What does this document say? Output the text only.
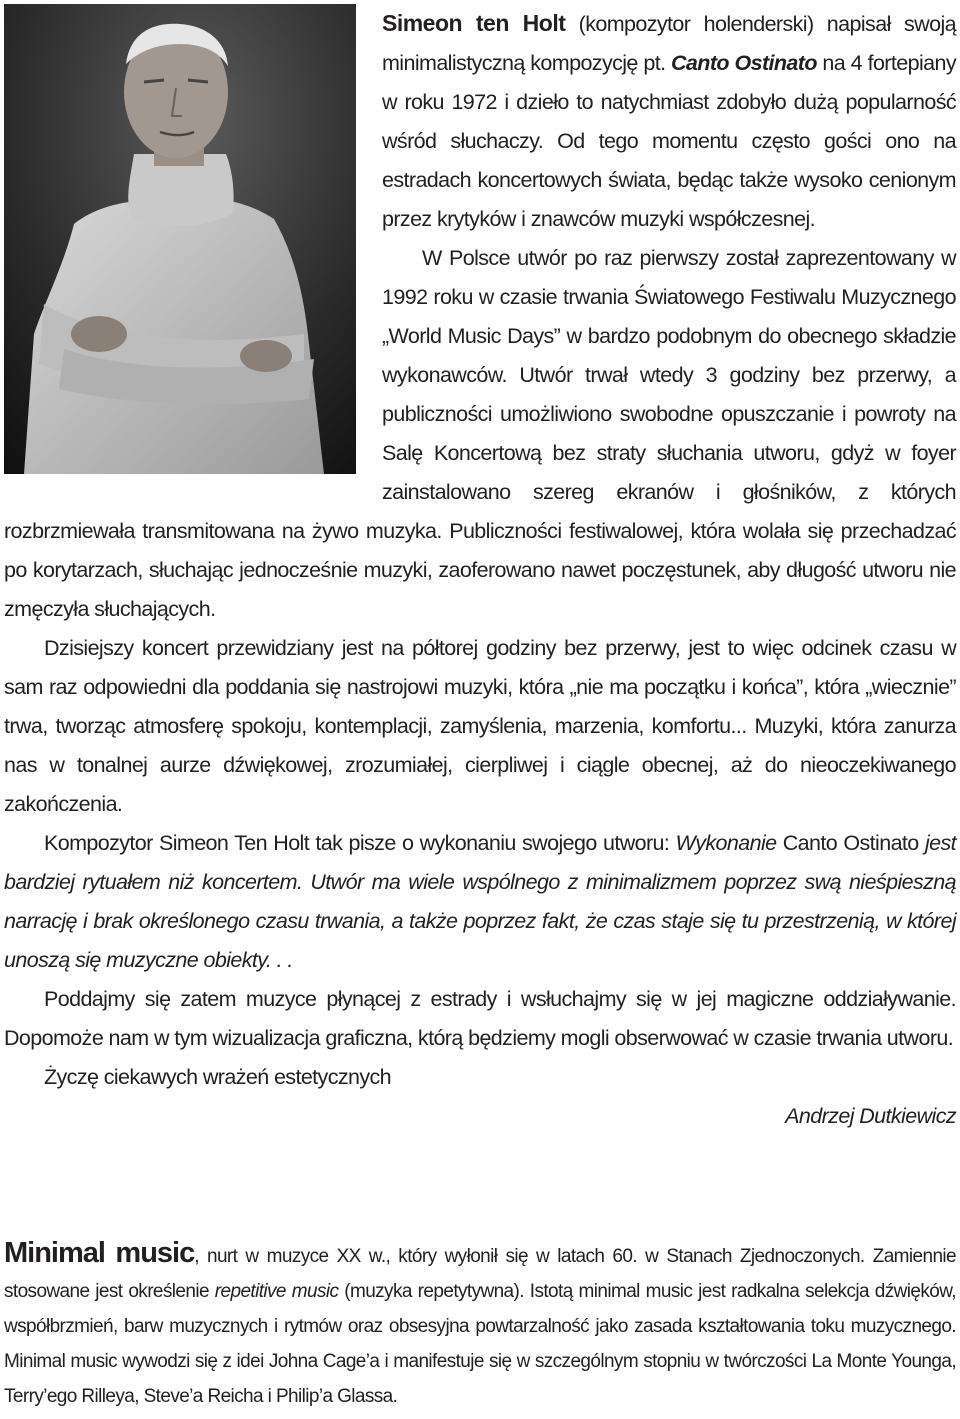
Simeon ten Holt (kompozytor holenderski) napisał swoją minimalistyczną kompozycję pt. Canto Ostinato na 4 fortepiany w roku 1972 i dzieło to natychmiast zdobyło dużą popularność wśród słuchaczy. Od tego momentu często gości ono na estradach koncertowych świata, będąc także wysoko cenionym przez krytyków i znawców muzyki współczesnej.

W Polsce utwór po raz pierwszy został zaprezentowany w 1992 roku w czasie trwania Światowego Festiwalu Muzycznego „World Music Days” w bardzo podobnym do obecnego składzie wykonawców. Utwór trwał wtedy 3 godziny bez przerwy, a publiczności umożliwiono swobodne opuszczanie i powroty na Salę Koncertową bez straty słuchania utworu, gdyż w foyer zainstalowano szereg ekranów i głośników, z których rozbrzmiewała transmitowana na żywo muzyka. Publiczności festiwalowej, która wolała się przechadzać po korytarzach, słuchając jednocześnie muzyki, zaoferowano nawet poczęstunek, aby długość utworu nie zmęczyła słuchających.

Dzisiejszy koncert przewidziany jest na półtorej godziny bez przerwy, jest to więc odcinek czasu w sam raz odpowiedni dla poddania się nastrojowi muzyki, która „nie ma początku i końca”, która „wiecznie” trwa, tworząc atmosferę spokoju, kontemplacji, zamyślenia, marzenia, komfortu... Muzyki, która zanurza nas w tonalnej aurze dźwiękowej, zrozumiałej, cierpliwej i ciągle obecnej, aż do nieoczekiwanego zakończenia.

Kompozytor Simeon Ten Holt tak pisze o wykonaniu swojego utworu: Wykonanie Canto Ostinato jest bardziej rytuałem niż koncertem. Utwór ma wiele wspólnego z minimalizmem poprzez swą nieśpieszną narrację i brak określonego czasu trwania, a także poprzez fakt, że czas staje się tu przestrzenią, w której unoszą się muzyczne obiekty. . .

Poddajmy się zatem muzyce płynącej z estrady i wsłuchajmy się w jej magiczne oddziaływanie. Dopomoże nam w tym wizualizacja graficzna, którą będziemy mogli obserwować w czasie trwania utworu.

Życzę ciekawych wrażeń estetycznych

Andrzej Dutkiewicz

Minimal music, nurt w muzyce XX w., który wyłonił się w latach 60. w Stanach Zjednoczonych. Zamiennie stosowane jest określenie repetitive music (muzyka repetytywna). Istotą minimal music jest radkalna selekcja dźwięków, współbrzmień, barw muzycznych i rytmów oraz obsesyjna powtarzalność jako zasada kształtowania toku muzycznego. Minimal music wywodzi się z idei Johna Cage’a i manifestuje się w szczególnym stopniu w twórczości La Monte Younga, Terry’ego Rilleya, Steve’a Reicha i Philip’a Glassa.
